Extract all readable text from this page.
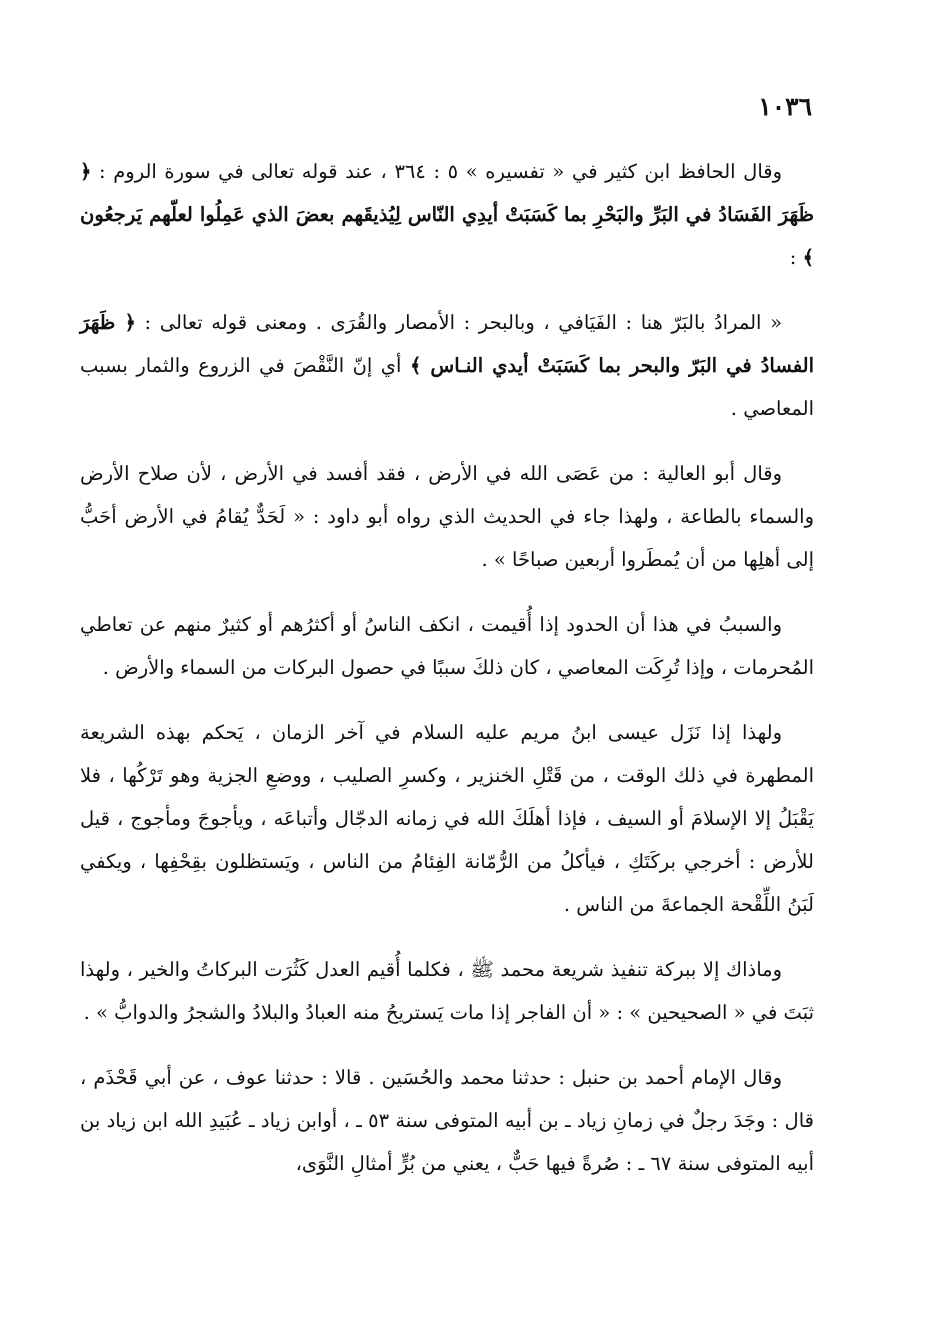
١٠٣٦

وقال الحافظ ابن كثير في « تفسيره » ٥ : ٣٦٤ ، عند قوله تعالى في سورة الروم : ﴿ ظَهَرَ الفَسَادُ في البَرِّ والبَحْرِ بما كَسَبَتْ أيدِي النّاس لِيُذيقَهم بعضَ الذي عَمِلُوا لعلّهم يَرجعُون ﴾ :

« المرادُ بالبَرّ هنا : الفَيَافي ، وبالبحر : الأمصار والقُرَى . ومعنى قوله تعالى : ﴿ ظَهَرَ الفسادُ في البَرّ والبحر بما كَسَبَتْ أيدي النـاس ﴾ أي إنّ النَّقْصَ في الزروع والثمار بسبب المعاصي .

وقال أبو العالية : من عَصَى الله في الأرض ، فقد أفسد في الأرض ، لأن صلاح الأرض والسماء بالطاعة ، ولهذا جاء في الحديث الذي رواه أبو داود : « لَحَدٌّ يُقامُ في الأرض أحَبُّ إلى أهلِها من أن يُمطَروا أربعين صباحًا » .

والسببُ في هذا أن الحدود إذا أُقيمت ، انكف الناسُ أو أكثرُهم أو كثيرٌ منهم عن تعاطي المُحرمات ، وإذا تُرِكَت المعاصي ، كان ذلكَ سببًا في حصول البركات من السماء والأرض .

ولهذا إذا نَزَل عيسى ابنُ مريم عليه السلام في آخر الزمان ، يَحكم بهذه الشريعة المطهرة في ذلك الوقت ، من قَتْلِ الخنزير ، وكسرِ الصليب ، ووضعِ الجزية وهو تَرْكُها ، فلا يَقْبَلُ إلا الإسلامَ أو السيف ، فإذا أهلَكَ الله في زمانه الدجّال وأتباعَه ، ويأجوجَ ومأجوج ، قيل للأرض : أخرجي بركَتَكِ ، فيأكلُ من الرُّمّانة الفِئامُ من الناس ، ويَستظلون بقِحْفِها ، ويكفي لَبَنُ اللِّقْحة الجماعةَ من الناس .

وماذاك إلا ببركة تنفيذ شريعة محمد ﷺ ، فكلما أُقيم العدل كَثُرَت البركاتُ والخير ، ولهذا ثبَتَ في « الصحيحين » : « أن الفاجر إذا مات يَستريحُ منه العبادُ والبلادُ والشجرُ والدوابُّ » .

وقال الإمام أحمد بن حنبل : حدثنا محمد والحُسَين . قالا : حدثنا عوف ، عن أبي قَحْذَم ، قال : وجَدَ رجلٌ في زمانِ زياد ـ بن أبيه المتوفى سنة ٥٣ ـ ، أوابن زياد ـ عُبَيدِ الله ابن زياد بن أبيه المتوفى سنة ٦٧ ـ : صُرةً فيها حَبٌّ ، يعني من بُرٍّ أمثالِ النَّوَى،
